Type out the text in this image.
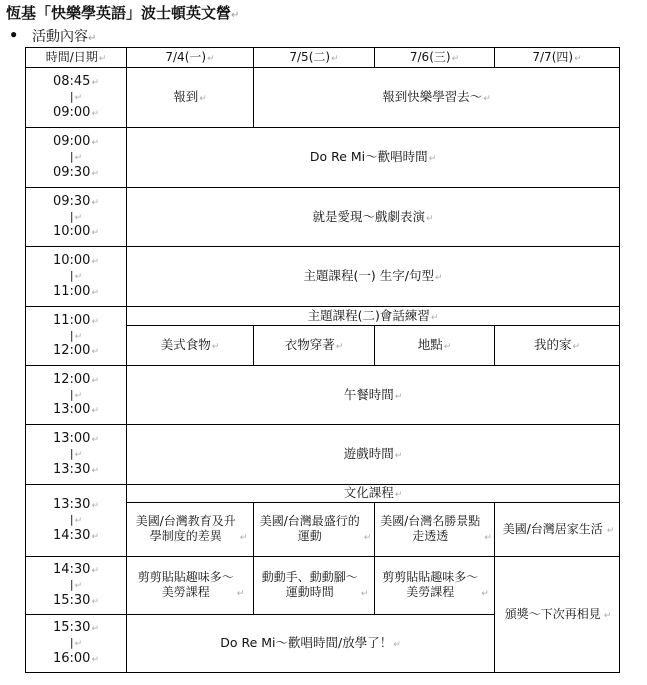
恆基「快樂學英語」波士頓英文營↵
● 活動內容↵
時間/日期↵	7/4(一)↵	7/5(二)↵	7/6(三)↵	7/7(四)↵

08:45↵
|↵
09:00↵	報到↵	報到快樂學習去～↵		

09:00↵
|↵
09:30↵	Do Re Mi～歡唱時間↵			

09:30↵
|↵
10:00↵	就是愛現～戲劇表演↵			

10:00↵
|↵
11:00↵	主題課程(一) 生字/句型↵			

11:00↵
|↵
12:00↵	主題課程(二)會話練習↵			
	美式食物↵	衣物穿著↵	地點↵	我的家↵

12:00↵
|↵
13:00↵	午餐時間↵			

13:00↵
|↵
13:30↵	遊戲時間↵			

13:30↵
|↵
14:30↵	文化課程↵			
	美國/台灣教育及升學制度的差異 ↵	美國/台灣最盛行的運動 ↵	美國/台灣名勝景點走透透 ↵	美國/台灣居家生活 ↵

14:30↵
|↵
15:30↵	剪剪貼貼趣味多～美勞課程 ↵	動動手、動動腳～運動時間 ↵	剪剪貼貼趣味多～美勞課程 ↵	頒獎～下次再相見 ↵

15:30↵
|↵
16:00↵	Do Re Mi～歡唱時間/放學了！↵			
